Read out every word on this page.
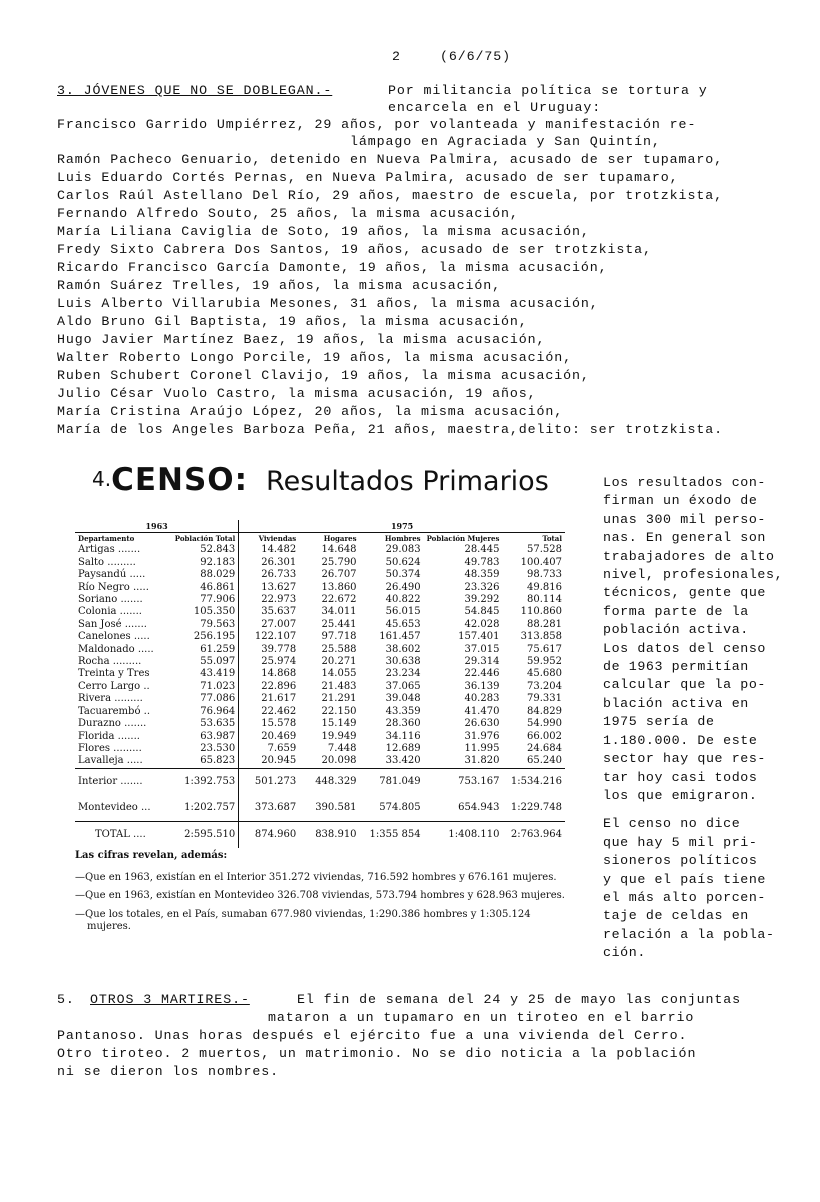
2	(6/6/75)
3. JÓVENES QUE NO SE DOBLEGAN.-	Por militancia política se tortura y
encarcela en el Uruguay:
Francisco Garrido Umpiérrez, 29 años, por volanteada y manifestación re-
lámpago en Agraciada y San Quintín,
Ramón Pacheco Genuario, detenido en Nueva Palmira, acusado de ser tupamaro,
Luis Eduardo Cortés Pernas, en Nueva Palmira, acusado de ser tupamaro,
Carlos Raúl Astellano Del Río, 29 años, maestro de escuela, por trotzkista,
Fernando Alfredo Souto, 25 años, la misma acusación,
María Liliana Caviglia de Soto, 19 años, la misma acusación,
Fredy Sixto Cabrera Dos Santos, 19 años, acusado de ser trotzkista,
Ricardo Francisco García Damonte, 19 años, la misma acusación,
Ramón Suárez Trelles, 19 años, la misma acusación,
Luis Alberto Villarubia Mesones, 31 años, la misma acusación,
Aldo Bruno Gil Baptista, 19 años, la misma acusación,
Hugo Javier Martínez Baez, 19 años, la misma acusación,
Walter Roberto Longo Porcile, 19 años, la misma acusación,
Ruben Schubert Coronel Clavijo, 19 años, la misma acusación,
Julio César Vuolo Castro, la misma acusación, 19 años,
María Cristina Araújo López, 20 años, la misma acusación,
María de los Angeles Barboza Peña, 21 años, maestra,delito: ser trotzkista.
4.CENSO: Resultados Primarios
1963		1975				
Departamento	Población Total	Viviendas	Hogares	Hombres	Población Mujeres	Total
Artigas .......	52.843	14.482	14.648	29.083	28.445	57.528
Salto .........	92.183	26.301	25.790	50.624	49.783	100.407
Paysandú .....	88.029	26.733	26.707	50.374	48.359	98.733
Río Negro .....	46.861	13.627	13.860	26.490	23.326	49.816
Soriano .......	77.906	22.973	22.672	40.822	39.292	80.114
Colonia .......	105.350	35.637	34.011	56.015	54.845	110.860
San José .......	79.563	27.007	25.441	45.653	42.028	88.281
Canelones .....	256.195	122.107	97.718	161.457	157.401	313.858
Maldonado .....	61.259	39.778	25.588	38.602	37.015	75.617
Rocha .........	55.097	25.974	20.271	30.638	29.314	59.952
Treinta y Tres	43.419	14.868	14.055	23.234	22.446	45.680
Cerro Largo ..	71.023	22.896	21.483	37.065	36.139	73.204
Rivera .........	77.086	21.617	21.291	39.048	40.283	79.331
Tacuarembó ..	76.964	22.462	22.150	43.359	41.470	84.829
Durazno .......	53.635	15.578	15.149	28.360	26.630	54.990
Florida .......	63.987	20.469	19.949	34.116	31.976	66.002
Flores .........	23.530	7.659	7.448	12.689	11.995	24.684
Lavalleja .....	65.823	20.945	20.098	33.420	31.820	65.240
Interior .......	1:392.753	501.273	448.329	781.049	753.167	1:534.216
Montevideo ...	1:202.757	373.687	390.581	574.805	654.943	1:229.748
TOTAL ....	2:595.510	874.960	838.910	1:355 854	1:408.110	2:763.964
Las cifras revelan, además:
—Que en 1963, existían en el Interior 351.272 viviendas, 716.592 hombres y 676.161 mujeres.
—Que en 1963, existían en Montevideo 326.708 viviendas, 573.794 hombres y 628.963 mujeres.
—Que los totales, en el País, sumaban 677.980 viviendas, 1:290.386 hombres y 1:305.124 mujeres.

Los resultados con-
firman un éxodo de
unas 300 mil perso-
nas. En general son
trabajadores de alto
nivel, profesionales,
técnicos, gente que
forma parte de la
población activa.
Los datos del censo
de 1963 permitían
calcular que la po-
blación activa en
1975 sería de
1.180.000. De este
sector hay que res-
tar hoy casi todos
los que emigraron.

El censo no dice
que hay 5 mil pri-
sioneros políticos
y que el país tiene
el más alto porcen-
taje de celdas en
relación a la pobla-
ción.

5. OTROS 3 MARTIRES.-	El fin de semana del 24 y 25 de mayo las conjuntas
mataron a un tupamaro en un tiroteo en el barrio
Pantanoso. Unas horas después el ejército fue a una vivienda del Cerro.
Otro tiroteo. 2 muertos, un matrimonio. No se dio noticia a la población
ni se dieron los nombres.
